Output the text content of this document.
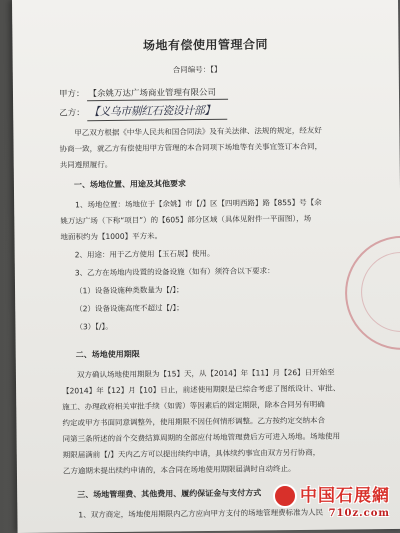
场地有偿使用管理合同
合同编号：【】
甲方： 【余姚万达广场商业管理有限公司
乙方： 【义乌市剔红石瓷设计部】
甲乙双方根据《中华人民共和国合同法》及有关法律、法规的规定，经友好
协商一致，就乙方有偿使用甲方管理的本合同项下场地等有关事宜签订本合同，
共同遵照履行。
一、场地位置、用途及其他要求
1、场地位置：场地位于【余姚】市【/】区【四明西路】路【855】号【余
姚万达广场（下称“项目”）的【605】部分区域（具体见附件一平面图），场
地面积约为【1000】平方米。
2、用途：用于乙方使用【玉石展】使用。
3、乙方在场地内设置的设备设施（如有）须符合以下要求：
（1）设备设施种类数量为【/】；
（2）设备设施高度不超过【/】；
（3）【/】。
二、场地使用期限
双方确认场地使用期限为【15】天，从【2014】年【11】月【26】日开始至
【2014】年【12】月【10】日止，前述使用期限是已综合考虑了图纸设计、审批、
施工、办理政府相关审批手续（如需）等因素后的固定期限，除本合同另有明确
约定或甲方书面同意调整外，使用期限不因任何情形调整。乙方按约定交纳本合
同第三条所述的首个交费结算周期的全部应付场地管理费后方可进入场地。场地使用
期限届满前【/】天内乙方可以提出续约申请，具体续约事宜由双方另行协商，
乙方逾期未提出续约申请的，本合同在场地使用期限届满时自动终止。
三、场地管理费、其他费用、履约保证金与支付方式
1、双方商定，场地使用期限内乙方应向甲方支付的场地管理费标准为人民
中国石展網
710z.com
